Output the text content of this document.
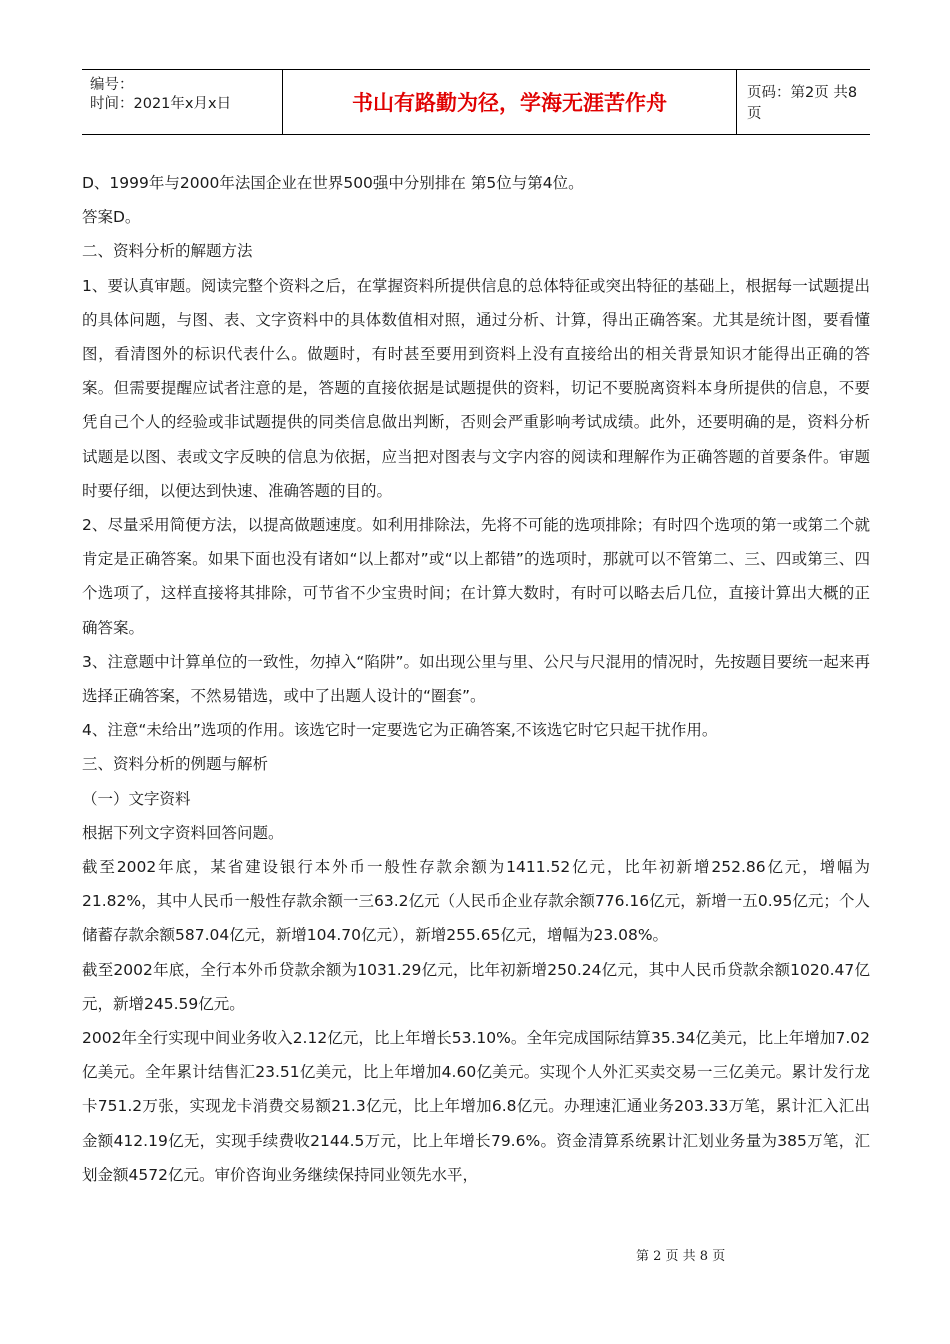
编号：
时间：2021年x月x日	书山有路勤为径，学海无涯苦作舟	页码：第2页 共8页

D、1999年与2000年法国企业在世界500强中分别排在 第5位与第4位。

答案D。

二、资料分析的解题方法

1、要认真审题。阅读完整个资料之后，在掌握资料所提供信息的总体特征或突出特征的基础上，根据每一试题提出的具体问题，与图、表、文字资料中的具体数值相对照，通过分析、计算，得出正确答案。尤其是统计图，要看懂图，看清图外的标识代表什么。做题时，有时甚至要用到资料上没有直接给出的相关背景知识才能得出正确的答案。但需要提醒应试者注意的是，答题的直接依据是试题提供的资料，切记不要脱离资料本身所提供的信息，不要凭自己个人的经验或非试题提供的同类信息做出判断，否则会严重影响考试成绩。此外，还要明确的是，资料分析试题是以图、表或文字反映的信息为依据，应当把对图表与文字内容的阅读和理解作为正确答题的首要条件。审题时要仔细，以便达到快速、准确答题的目的。

2、尽量采用简便方法，以提高做题速度。如利用排除法，先将不可能的选项排除；有时四个选项的第一或第二个就肯定是正确答案。如果下面也没有诸如“以上都对”或“以上都错”的选项时，那就可以不管第二、三、四或第三、四个选项了，这样直接将其排除，可节省不少宝贵时间；在计算大数时，有时可以略去后几位，直接计算出大概的正确答案。

3、注意题中计算单位的一致性，勿掉入“陷阱”。如出现公里与里、公尺与尺混用的情况时，先按题目要统一起来再选择正确答案，不然易错选，或中了出题人设计的“圈套”。

4、注意“未给出”选项的作用。该选它时一定要选它为正确答案,不该选它时它只起干扰作用。

三、资料分析的例题与解析

（一）文字资料

根据下列文字资料回答问题。

截至2002年底，某省建设银行本外币一般性存款余额为1411.52亿元，比年初新增252.86亿元，增幅为21.82%，其中人民币一般性存款余额一三63.2亿元（人民币企业存款余额776.16亿元，新增一五0.95亿元；个人储蓄存款余额587.04亿元，新增104.70亿元），新增255.65亿元，增幅为23.08%。

截至2002年底，全行本外币贷款余额为1031.29亿元，比年初新增250.24亿元，其中人民币贷款余额1020.47亿元，新增245.59亿元。

2002年全行实现中间业务收入2.12亿元，比上年增长53.10%。全年完成国际结算35.34亿美元，比上年增加7.02亿美元。全年累计结售汇23.51亿美元，比上年增加4.60亿美元。实现个人外汇买卖交易一三亿美元。累计发行龙卡751.2万张，实现龙卡消费交易额21.3亿元，比上年增加6.8亿元。办理速汇通业务203.33万笔，累计汇入汇出金额412.19亿无，实现手续费收2144.5万元，比上年增长79.6%。资金清算系统累计汇划业务量为385万笔，汇划金额4572亿元。审价咨询业务继续保持同业领先水平，

第 2 页 共 8 页
